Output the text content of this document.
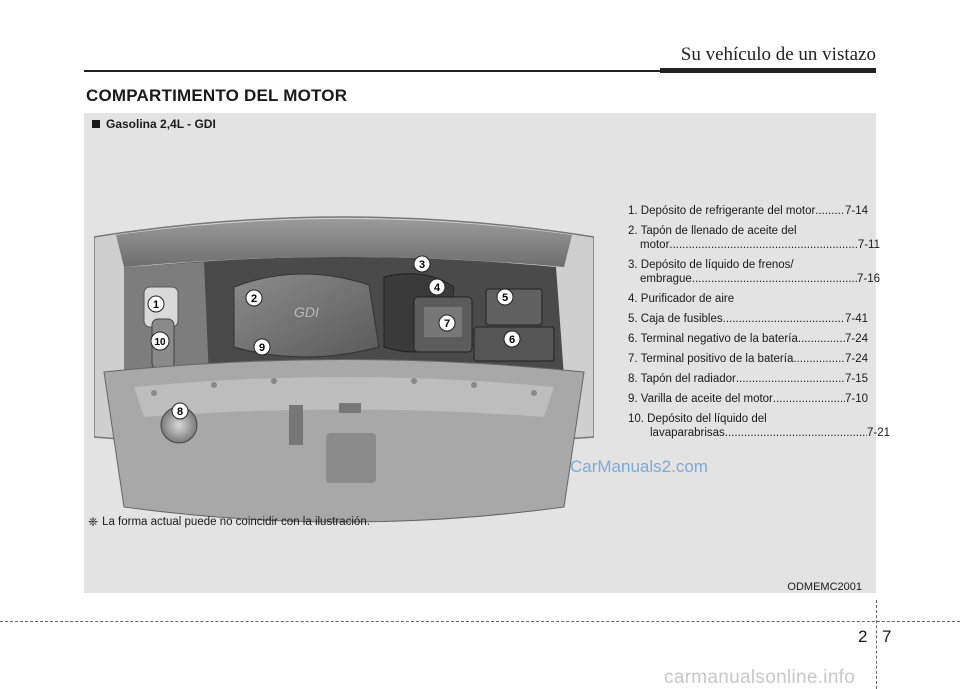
Su vehículo de un vistazo
COMPARTIMENTO DEL MOTOR
Gasolina 2,4L - GDI
GDI
1	2
3
4
5
6
7
8
9
10
CarManuals2.com
1. Depósito de refrigerante del motor .....	7-14
2. Tapón de llenado de aceite del
motor .....	7-11
3. Depósito de líquido de frenos/
embrague .....	7-16
4. Purificador de aire
5. Caja de fusibles .....	7-41
6. Terminal negativo de la batería .....	7-24
7. Terminal positivo de la batería .....	7-24
8. Tapón del radiador .....	7-15
9. Varilla de aceite del motor .....	7-10
10. Depósito del líquido del
lavaparabrisas .....	7-21
❈ La forma actual puede no coincidir con la ilustración.
ODMEMC2001
2 7
carmanualsonline.info
